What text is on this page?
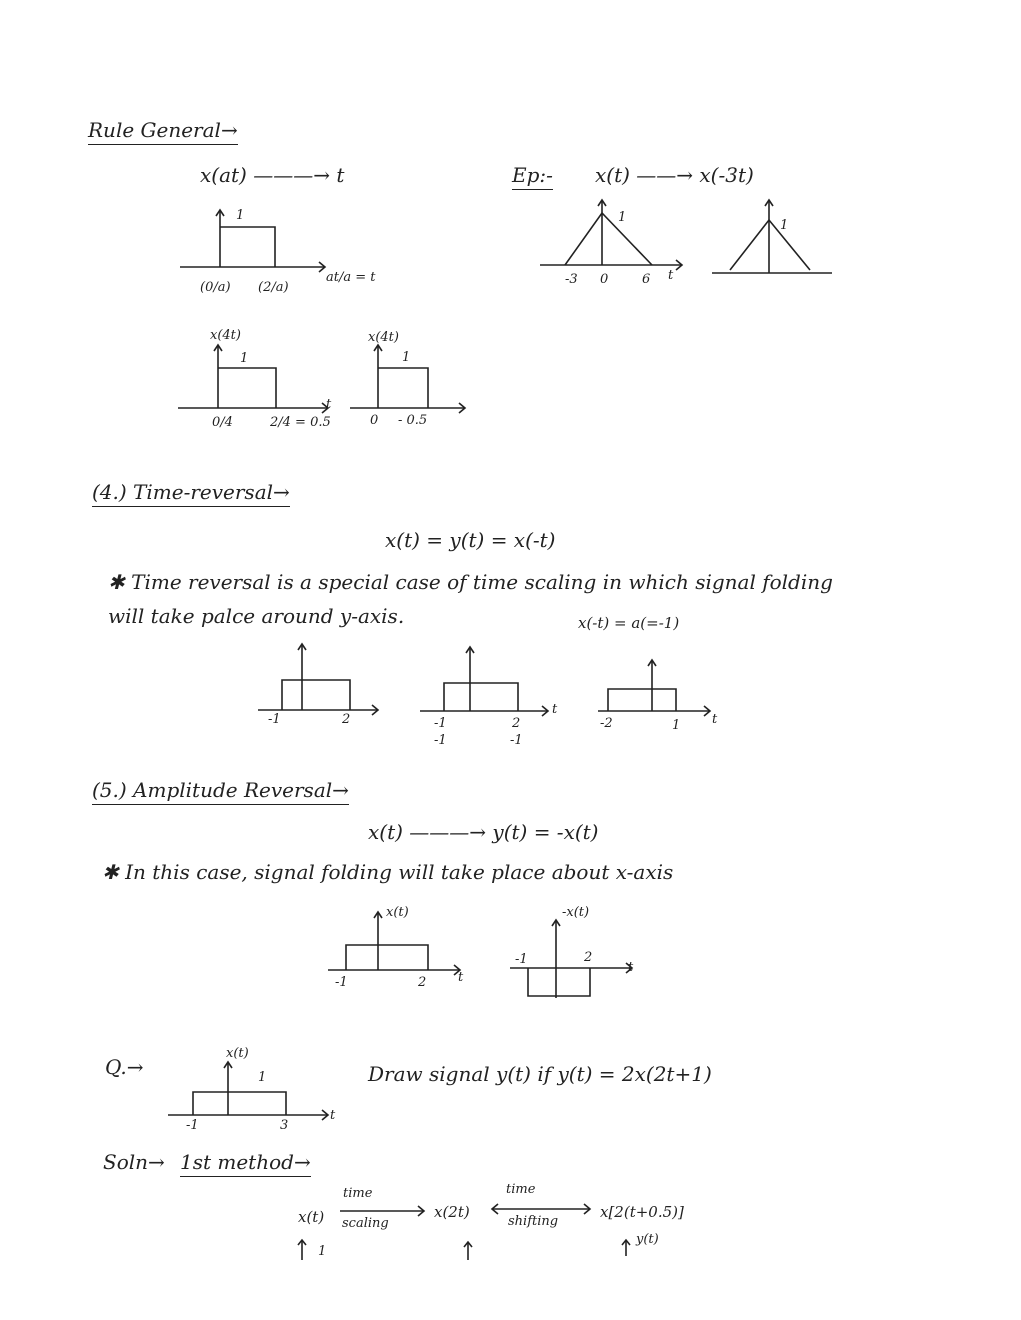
Rule General→
x(at) ———→ t
1
(0/a) (2/a)
at/a = t
x(4t)
1
0/4	2/4 = 0.5
t
x(4t)
1
0 - 0.5
Ep:- x(t) ——→ x(-3t)
1
-3 0	6 t
1
(4.) Time-reversal→
x(t) = y(t) = x(-t)
✱ Time reversal is a special case of time scaling in which signal folding
will take palce around y-axis.	x(-t) = a(=-1)
-1	2	-1
-1
2
-1
t
-2	1 t
(5.) Amplitude Reversal→
x(t) ———→ y(t) = -x(t)
✱ In this case, signal folding will take place about x-axis
x(t)
-1	2 t
-x(t)
-1	2
t
Q.→
x(t)
1
-1	3
t
Draw signal y(t) if y(t) = 2x(2t+1)
Soln→ 1st method→
x(t)
time
scaling
x(2t)
time
shifting
x[2(t+0.5)]
1
y(t)
